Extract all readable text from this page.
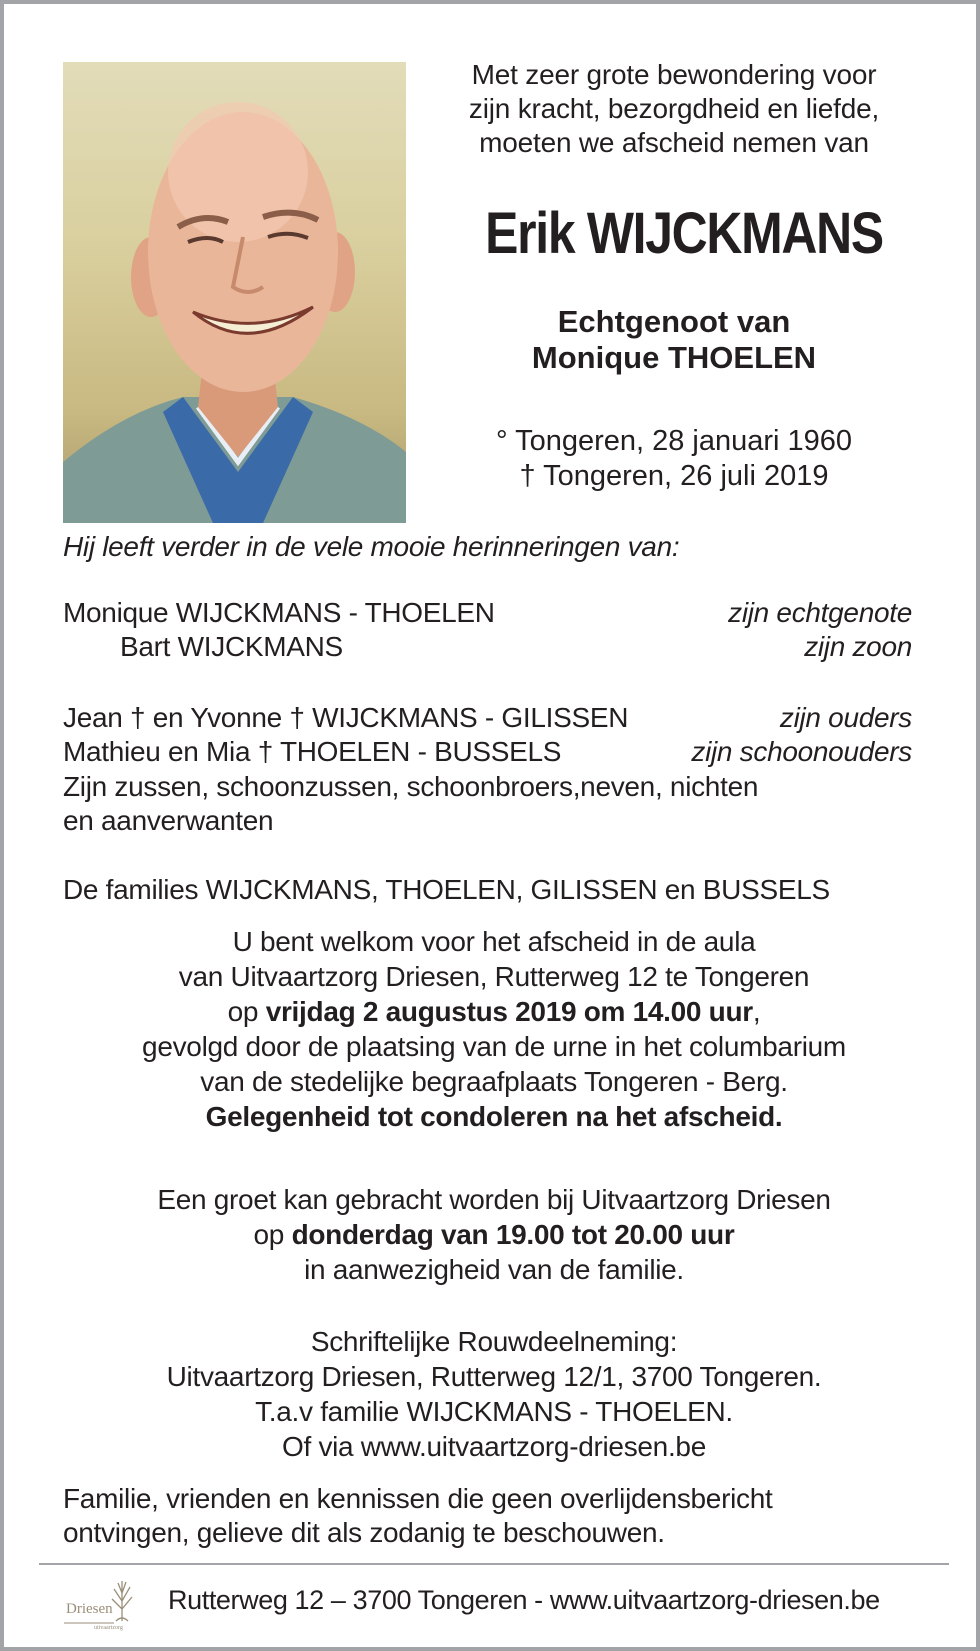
Met zeer grote bewondering voor
zijn kracht, bezorgdheid en liefde,
moeten we afscheid nemen van
Erik WIJCKMANS
Echtgenoot van
Monique THOELEN
° Tongeren, 28 januari 1960
† Tongeren, 26 juli 2019
Hij leeft verder in de vele mooie herinneringen van:
Monique WIJCKMANS - THOELEN	zijn echtgenote
Bart WIJCKMANS	zijn zoon
Jean † en Yvonne † WIJCKMANS - GILISSEN	zijn ouders
Mathieu en Mia † THOELEN - BUSSELS	zijn schoonouders
Zijn zussen, schoonzussen, schoonbroers,neven, nichten
en aanverwanten
De families WIJCKMANS, THOELEN, GILISSEN en BUSSELS
U bent welkom voor het afscheid in de aula
van Uitvaartzorg Driesen, Rutterweg 12 te Tongeren
op vrijdag 2 augustus 2019 om 14.00 uur,
gevolgd door de plaatsing van de urne in het columbarium
van de stedelijke begraafplaats Tongeren - Berg.
Gelegenheid tot condoleren na het afscheid.
Een groet kan gebracht worden bij Uitvaartzorg Driesen
op donderdag van 19.00 tot 20.00 uur
in aanwezigheid van de familie.
Schriftelijke Rouwdeelneming:
Uitvaartzorg Driesen, Rutterweg 12/1, 3700 Tongeren.
T.a.v familie WIJCKMANS - THOELEN.
Of via www.uitvaartzorg-driesen.be
Familie, vrienden en kennissen die geen overlijdensbericht
ontvingen, gelieve dit als zodanig te beschouwen.
Driesen
uitvaartzorg
Rutterweg 12 – 3700 Tongeren - www.uitvaartzorg-driesen.be
